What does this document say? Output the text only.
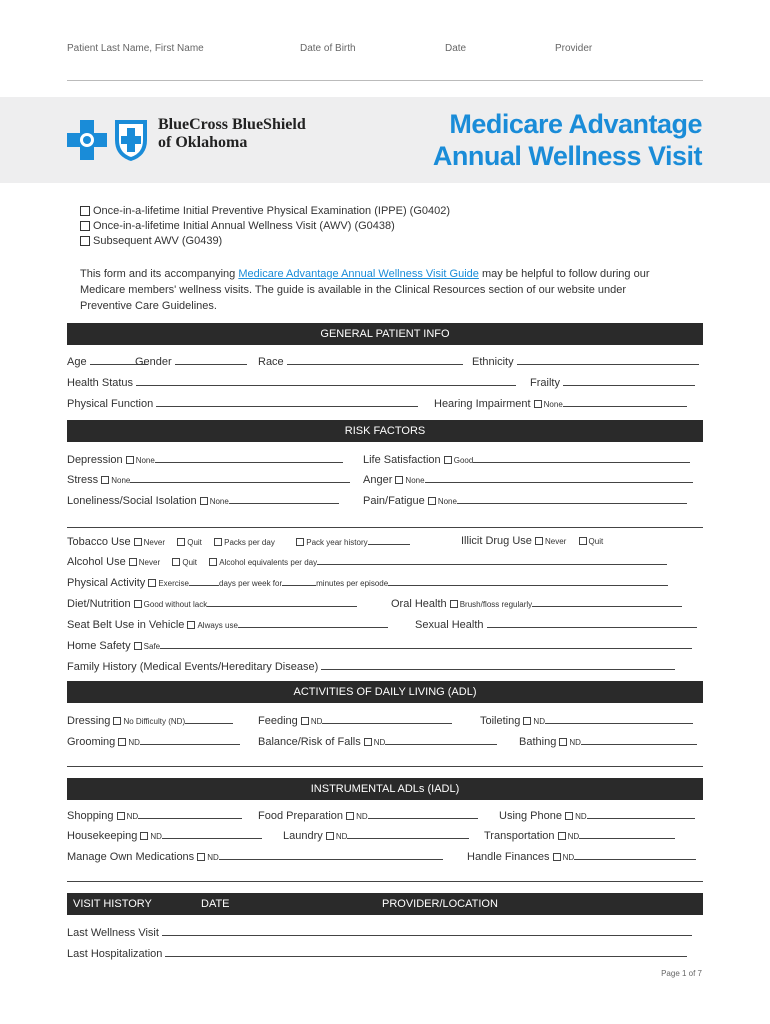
Patient Last Name, First Name	Date of Birth	Date	Provider
BlueCross BlueShield
of Oklahoma
Medicare Advantage
Annual Wellness Visit
Once-in-a-lifetime Initial Preventive Physical Examination (IPPE) (G0402)
Once-in-a-lifetime Initial Annual Wellness Visit (AWV) (G0438)
Subsequent AWV (G0439)
This form and its accompanying Medicare Advantage Annual Wellness Visit Guide may be helpful to follow during our Medicare members' wellness visits. The guide is available in the Clinical Resources section of our website under Preventive Care Guidelines.
GENERAL PATIENT INFO
Age	Gender	Race	Ethnicity
Health Status	Frailty
Physical Function	Hearing Impairment None
RISK FACTORS
Depression None	Life Satisfaction Good
Stress None	Anger None
Loneliness/Social Isolation None	Pain/Fatigue None
Tobacco Use Never	Quit	Packs per day	Pack year history	Illicit Drug Use Never	Quit
Alcohol Use Never	Quit	Alcohol equivalents per day
Physical Activity Exercise	days per week for	minutes per episode
Diet/Nutrition Good without lack	Oral Health Brush/floss regularly
Seat Belt Use in Vehicle Always use	Sexual Health
Home Safety Safe
Family History (Medical Events/Hereditary Disease)
ACTIVITIES OF DAILY LIVING (ADL)
Dressing No Difficulty (ND)	Feeding ND	Toileting ND
Grooming ND	Balance/Risk of Falls ND	Bathing ND
INSTRUMENTAL ADLs (IADL)
Shopping ND	Food Preparation ND	Using Phone ND
Housekeeping ND	Laundry ND	Transportation ND
Manage Own Medications ND	Handle Finances ND
VISIT HISTORY	DATE	PROVIDER/LOCATION
Last Wellness Visit
Last Hospitalization
Page 1 of 7
